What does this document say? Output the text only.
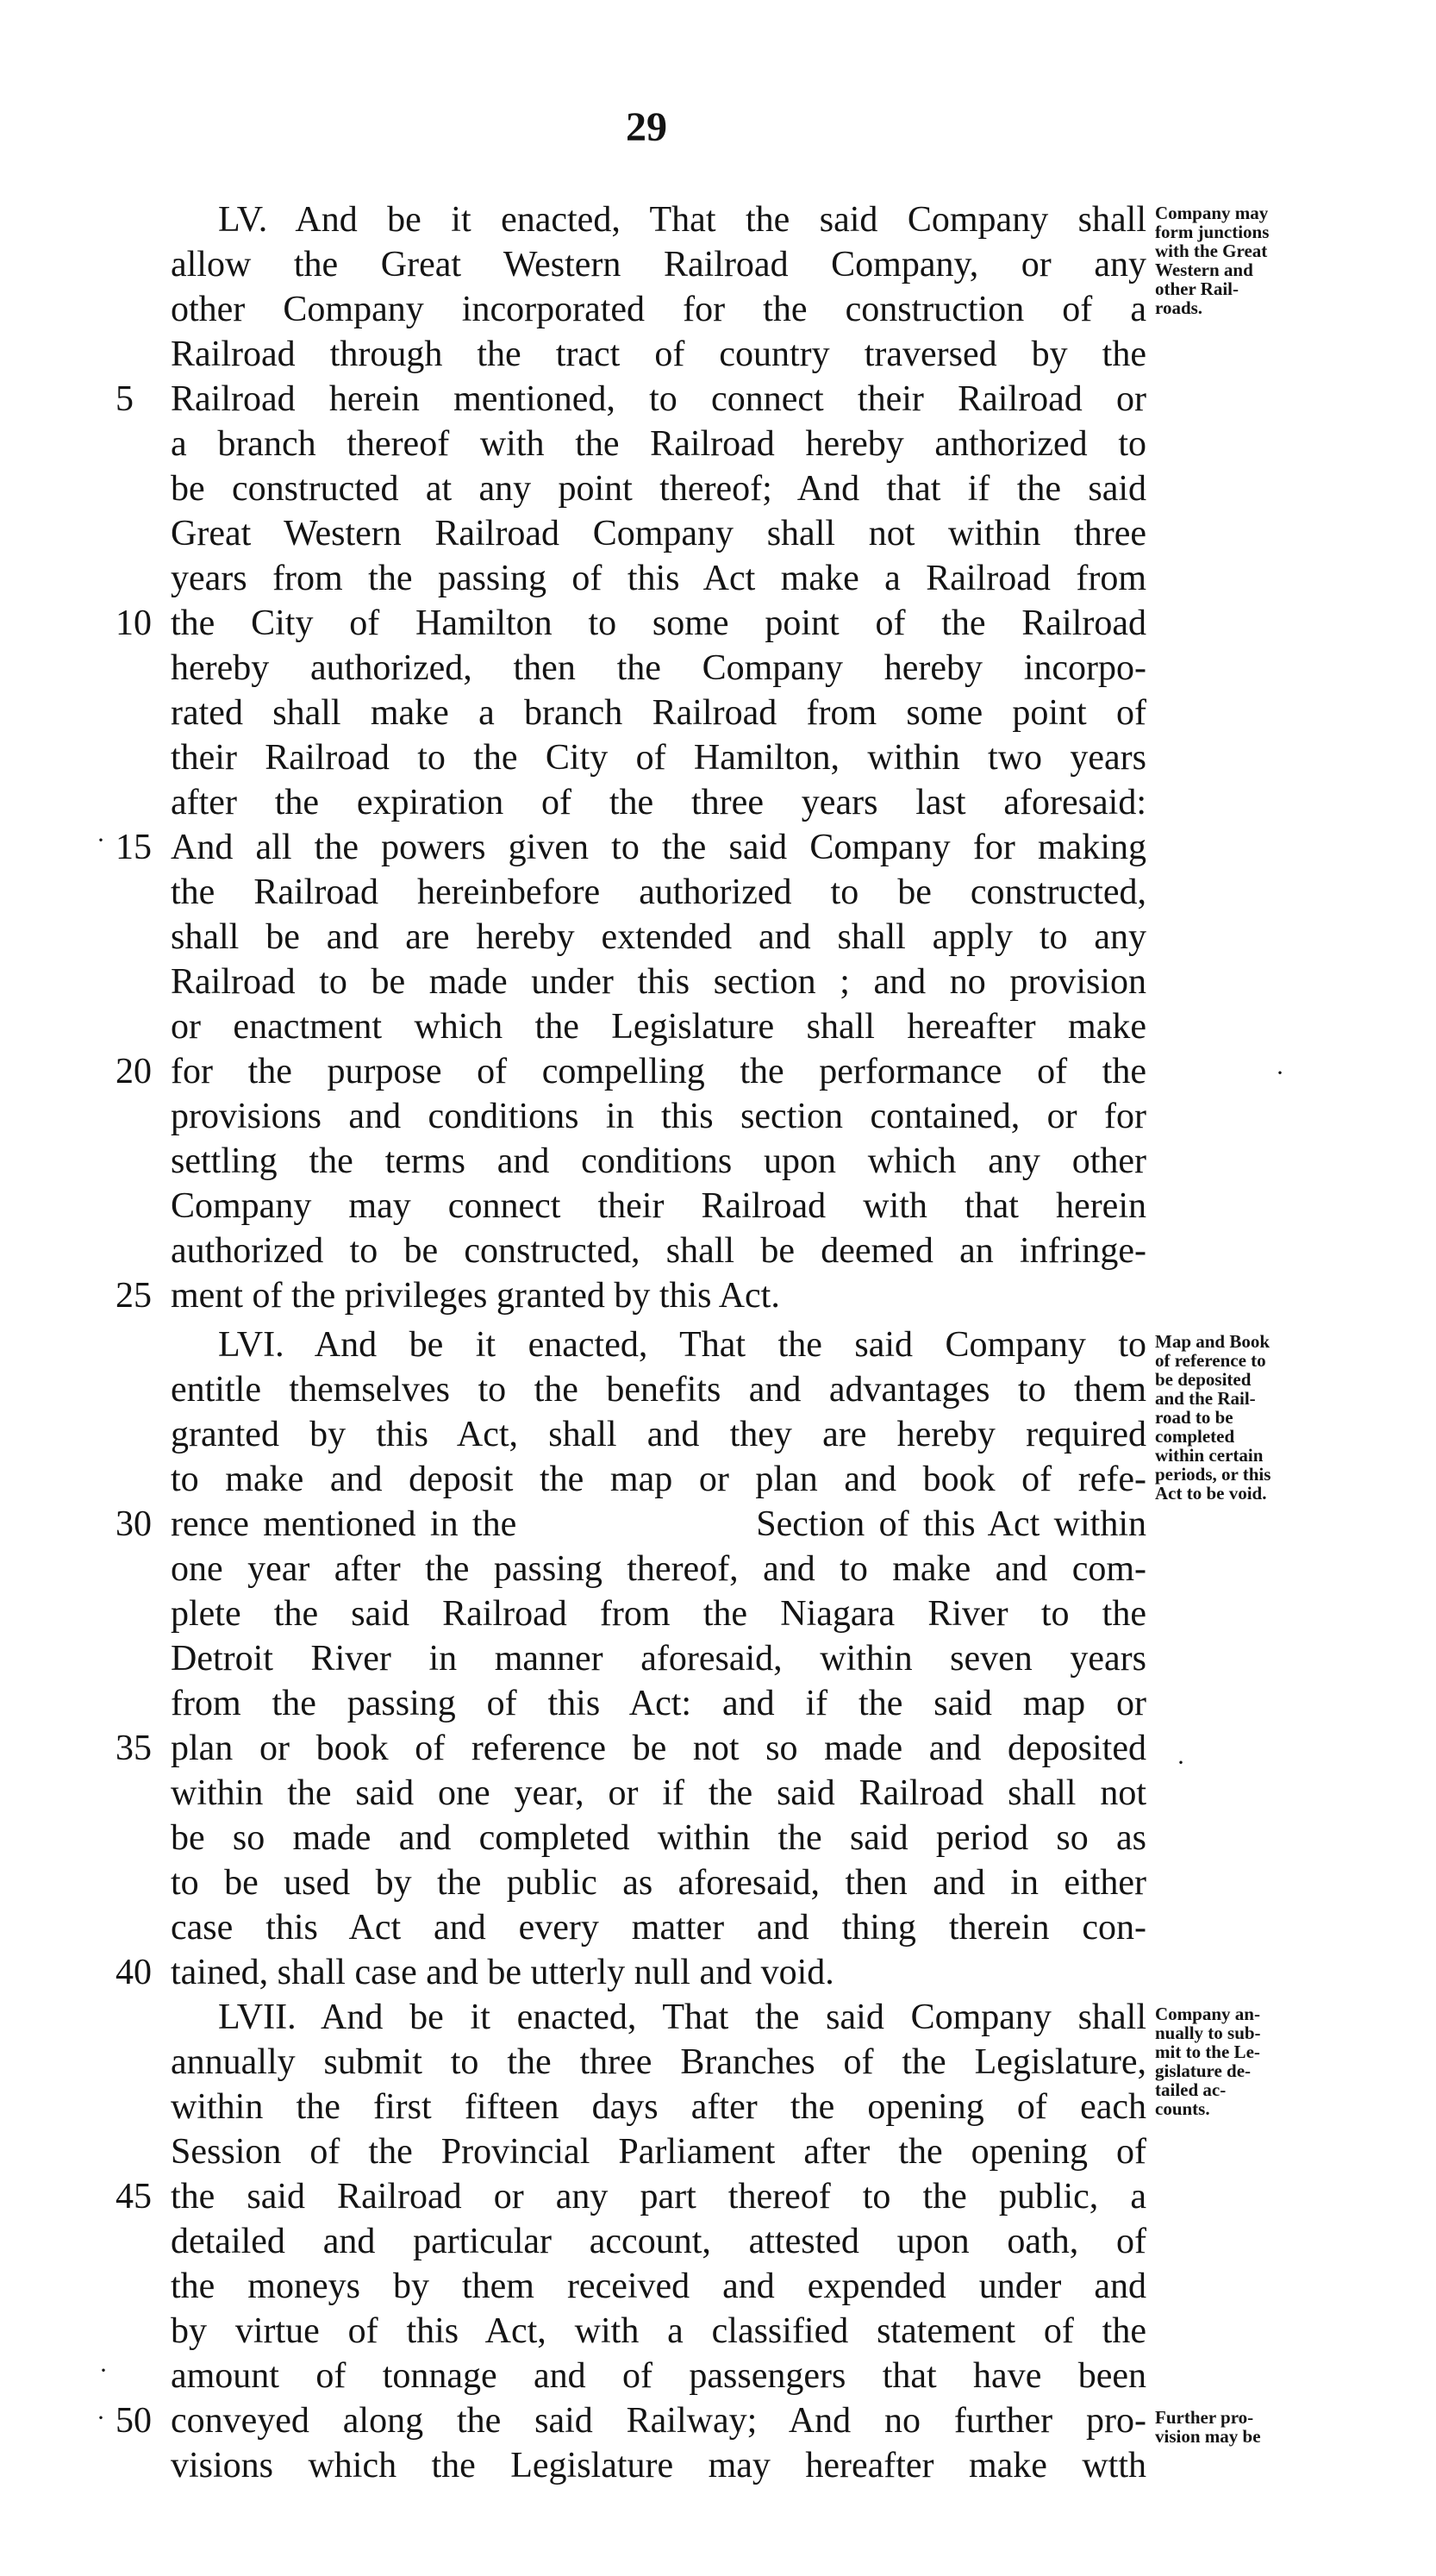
29
LV. And be it enacted, That the said Company shall
allow the Great Western Railroad Company, or any
other Company incorporated for the construction of a
Railroad through the tract of country traversed by the
Railroad herein mentioned, to connect their Railroad or
a branch thereof with the Railroad hereby anthorized to
be constructed at any point thereof; And that if the said
Great Western Railroad Company shall not within three
years from the passing of this Act make a Railroad from
the City of Hamilton to some point of the Railroad
hereby authorized, then the Company hereby incorpo-
rated shall make a branch Railroad from some point of
their Railroad to the City of Hamilton, within two years
after the expiration of the three years last aforesaid:
And all the powers given to the said Company for making
the Railroad hereinbefore authorized to be constructed,
shall be and are hereby extended and shall apply to any
Railroad to be made under this section ; and no provision
or enactment which the Legislature shall hereafter make
for the purpose of compelling the performance of the
provisions and conditions in this section contained, or for
settling the terms and conditions upon which any other
Company may connect their Railroad with that herein
authorized to be constructed, shall be deemed an infringe-
ment of the privileges granted by this Act.
5
10
15
20
25
Company may
form junctions
with the Great
Western and
other Rail-
roads.
LVI. And be it enacted, That the said Company to
entitle themselves to the benefits and advantages to them
granted by this Act, shall and they are hereby required
to make and deposit the map or plan and book of refe-
rence mentioned in the                 Section of this Act within
one year after the passing thereof, and to make and com-
plete the said Railroad from the Niagara River to the
Detroit River in manner aforesaid, within seven years
from the passing of this Act: and if the said map or
plan or book of reference be not so made and deposited
within the said one year, or if the said Railroad shall not
be so made and completed within the said period so as
to be used by the public as aforesaid, then and in either
case this Act and every matter and thing therein con-
tained, shall case and be utterly null and void.
30
35
40
Map and Book
of reference to
be deposited
and the Rail-
road to be
completed
within certain
periods, or this
Act to be void.
LVII. And be it enacted, That the said Company shall
annually submit to the three Branches of the Legislature,
within the first fifteen days after the opening of each
Session of the Provincial Parliament after the opening of
the said Railroad or any part thereof to the public, a
detailed and particular account, attested upon oath, of
the moneys by them received and expended under and
by virtue of this Act, with a classified statement of the
amount of tonnage and of passengers that have been
conveyed along the said Railway; And no further pro-
visions which the Legislature may hereafter make wtth
45
50
Company an-
nually to sub-
mit to the Le-
gislature de-
tailed ac-
counts.
Further pro-
vision may be
·
·
·
·
·
